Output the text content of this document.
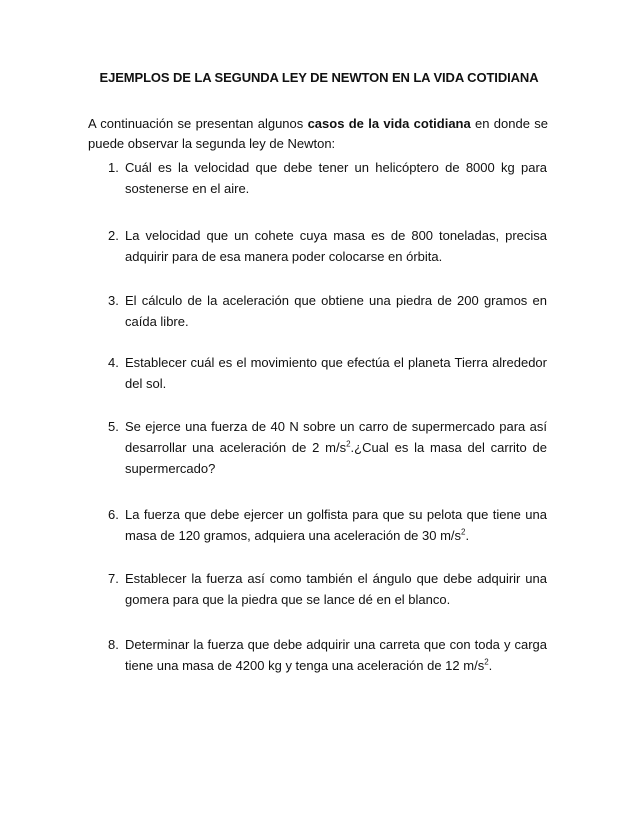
EJEMPLOS DE LA SEGUNDA LEY DE NEWTON EN LA VIDA COTIDIANA
A continuación se presentan algunos casos de la vida cotidiana en donde se
puede observar la segunda ley de Newton:
1. Cuál es la velocidad que debe tener un helicóptero de 8000 kg para sostenerse en el aire.
2. La velocidad que un cohete cuya masa es de 800 toneladas, precisa adquirir para de esa manera poder colocarse en órbita.
3. El cálculo de la aceleración que obtiene una piedra de 200 gramos en caída libre.
4. Establecer cuál es el movimiento que efectúa el planeta Tierra alrededor del sol.
5. Se ejerce una fuerza de 40 N sobre un carro de supermercado para así desarrollar una aceleración de 2 $m/s^2.¿Cual$ es la masa del carrito de supermercado?
6. La fuerza que debe ejercer un golfista para que su pelota que tiene una masa de 120 gramos, adquiera una aceleración de 30 $m/s^2$.
7. Establecer la fuerza así como también el ángulo que debe adquirir una gomera para que la piedra que se lance dé en el blanco.
8. Determinar la fuerza que debe adquirir una carreta que con toda y carga tiene una masa de 4200 kg y tenga una aceleración de 12 $m/s^2$.
